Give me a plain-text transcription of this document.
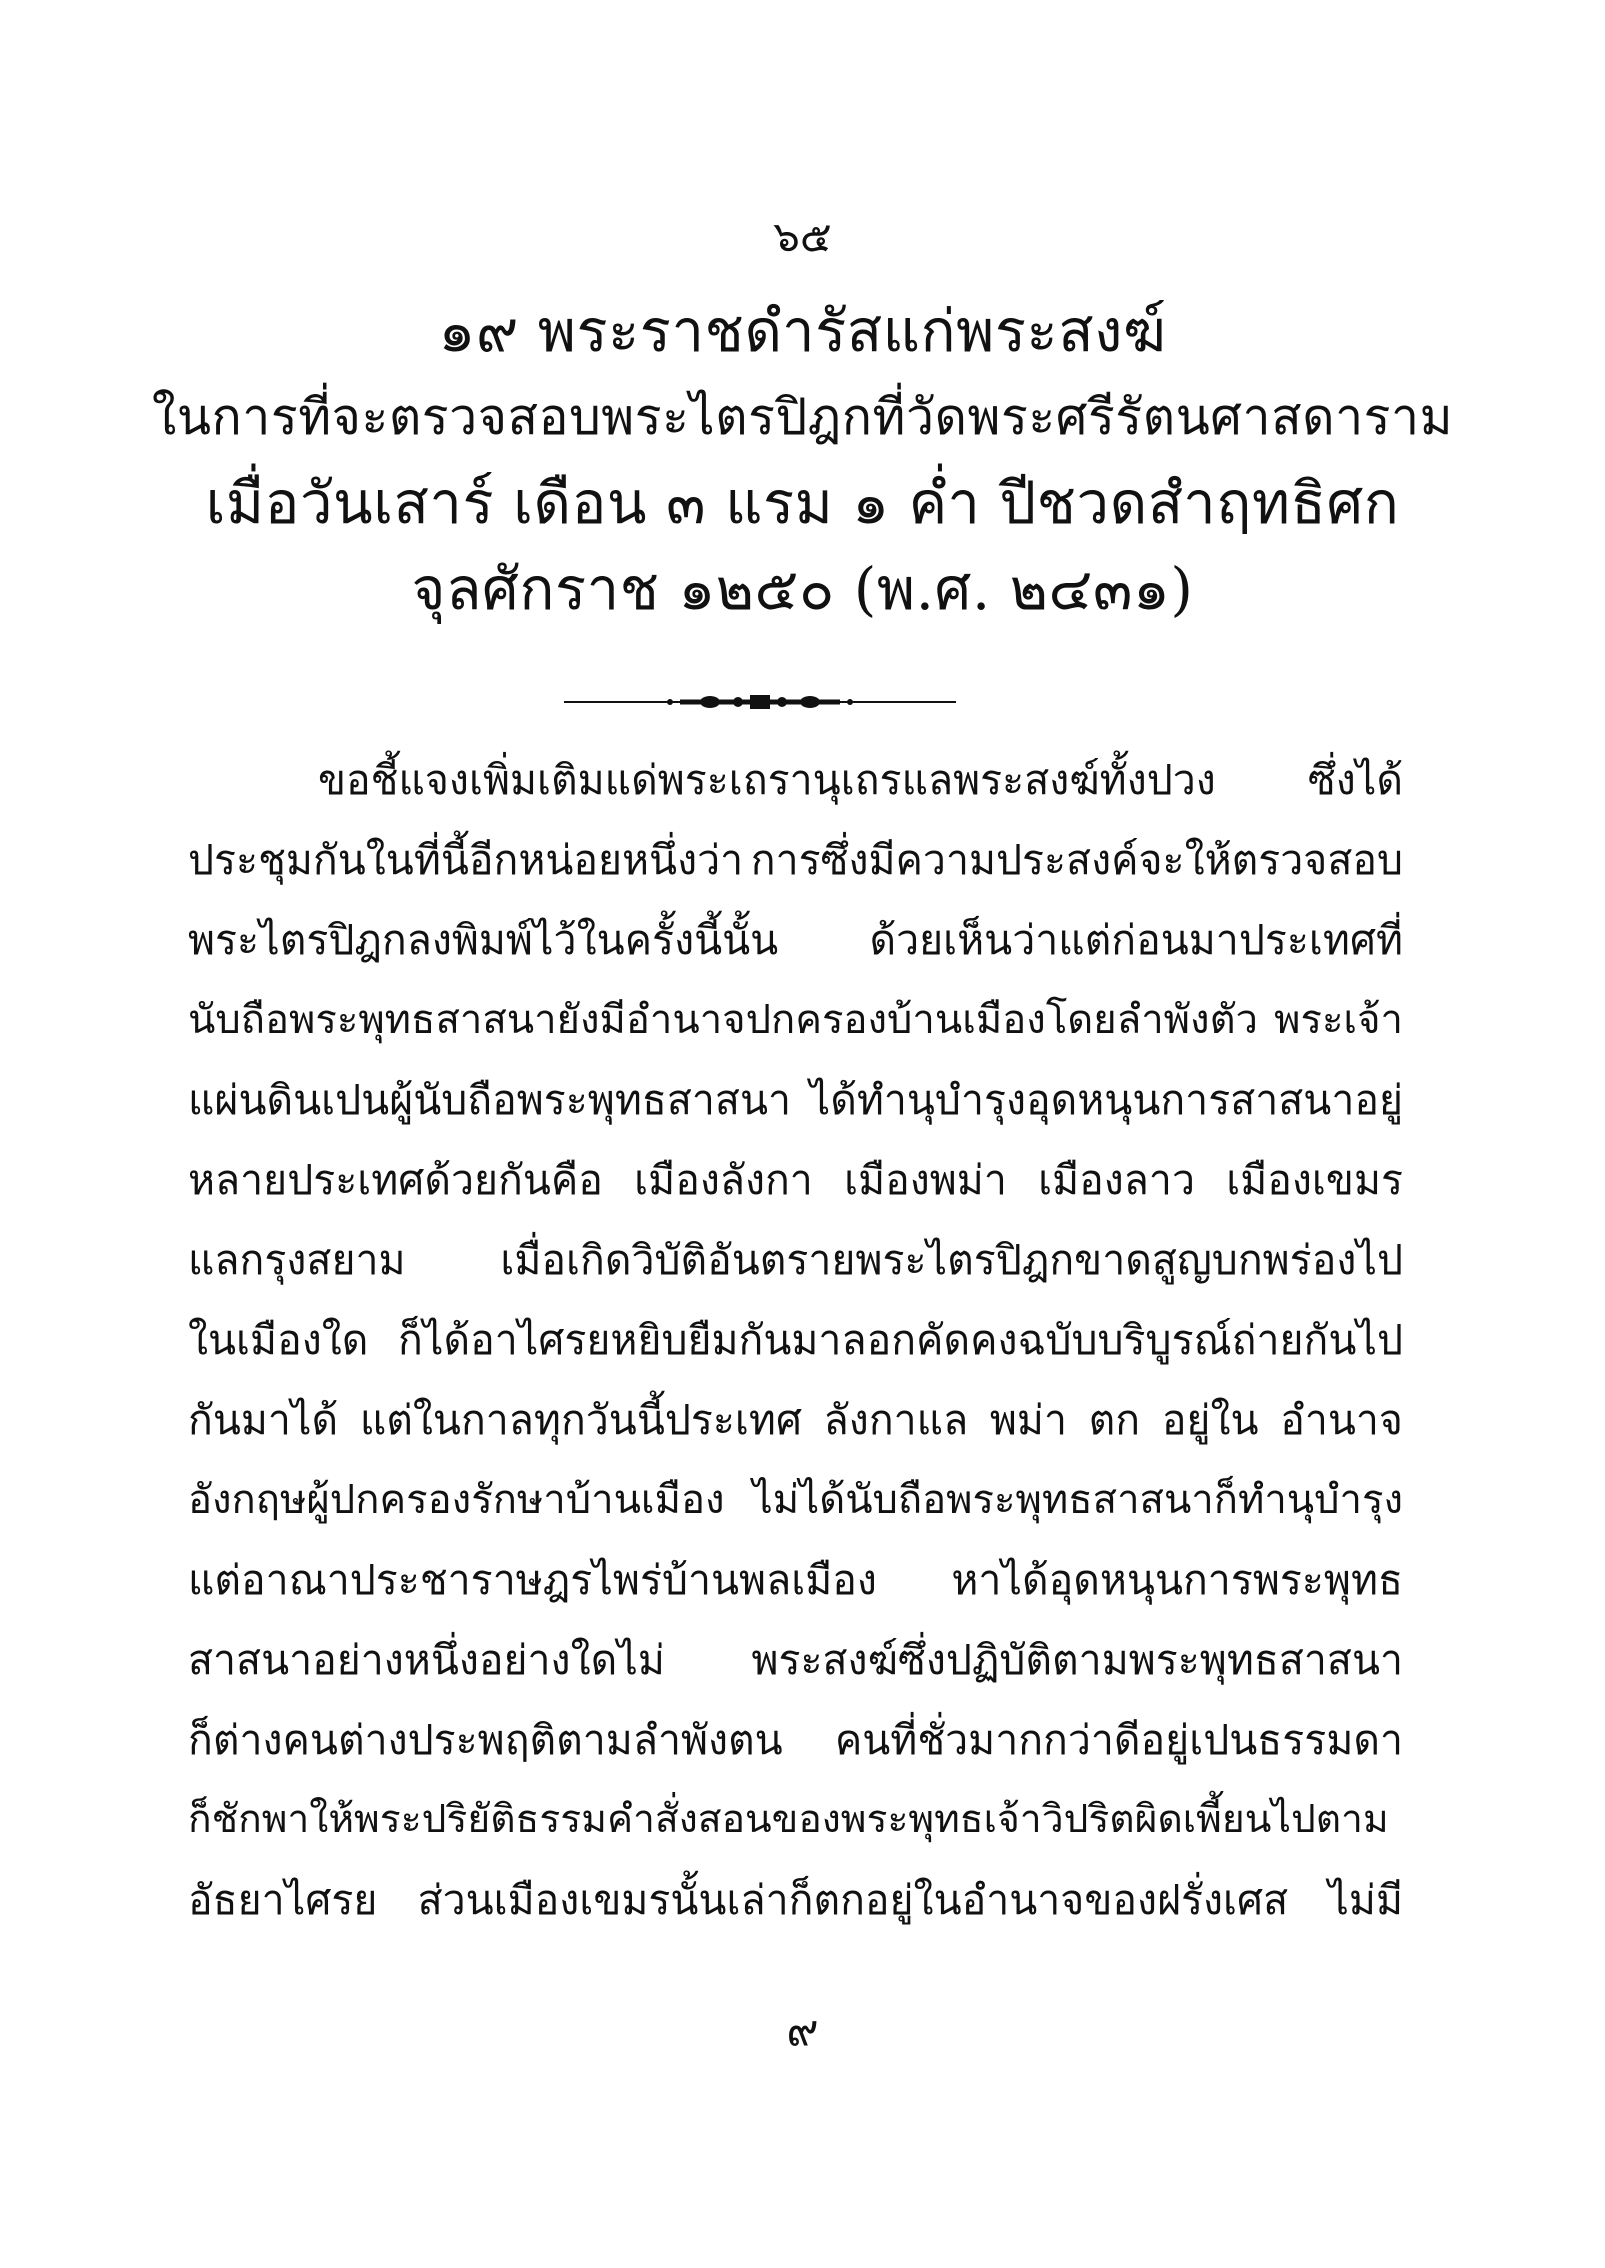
๖๕
๑๙ พระราชดำรัสแก่พระสงฆ์
ในการที่จะตรวจสอบพระไตรปิฎกที่วัดพระศรีรัตนศาสดาราม
เมื่อวันเสาร์ เดือน ๓ แรม ๑ ค่ำ ปีชวดสำฤทธิศก
จุลศักราช ๑๒๕๐ (พ.ศ. ๒๔๓๑)
ขอชี้แจงเพิ่มเติมแด่พระเถรานุเถรแลพระสงฆ์ทั้งปวง ซึ่งได้
ประชุมกันในที่นี้อีกหน่อยหนึ่งว่า การซึ่งมีความประสงค์จะให้ตรวจสอบ
พระไตรปิฎกลงพิมพ์ไว้ในครั้งนี้นั้น ด้วยเห็นว่าแต่ก่อนมาประเทศที่
นับถือพระพุทธสาสนายังมีอำนาจปกครองบ้านเมืองโดยลำพังตัว พระเจ้า
แผ่นดินเปนผู้นับถือพระพุทธสาสนา ได้ทำนุบำรุงอุดหนุนการสาสนาอยู่
หลายประเทศด้วยกันคือ เมืองลังกา เมืองพม่า เมืองลาว เมืองเขมร
แลกรุงสยาม เมื่อเกิดวิบัติอันตรายพระไตรปิฎกขาดสูญบกพร่องไป
ในเมืองใด ก็ได้อาไศรยหยิบยืมกันมาลอกคัดคงฉบับบริบูรณ์ถ่ายกันไป
กันมาได้ แต่ในกาลทุกวันนี้ประเทศ ลังกาแล พม่า ตก อยู่ใน อำนาจ
อังกฤษผู้ปกครองรักษาบ้านเมือง ไม่ได้นับถือพระพุทธสาสนาก็ทำนุบำรุง
แต่อาณาประชาราษฎรไพร่บ้านพลเมือง หาได้อุดหนุนการพระพุทธ
สาสนาอย่างหนึ่งอย่างใดไม่ พระสงฆ์ซึ่งปฏิบัติตามพระพุทธสาสนา
ก็ต่างคนต่างประพฤติตามลำพังตน คนที่ชั่วมากกว่าดีอยู่เปนธรรมดา
ก็ชักพาให้พระปริยัติธรรมคำสั่งสอนของพระพุทธเจ้าวิปริตผิดเพี้ยนไปตาม
อัธยาไศรย ส่วนเมืองเขมรนั้นเล่าก็ตกอยู่ในอำนาจของฝรั่งเศส ไม่มี
๙
